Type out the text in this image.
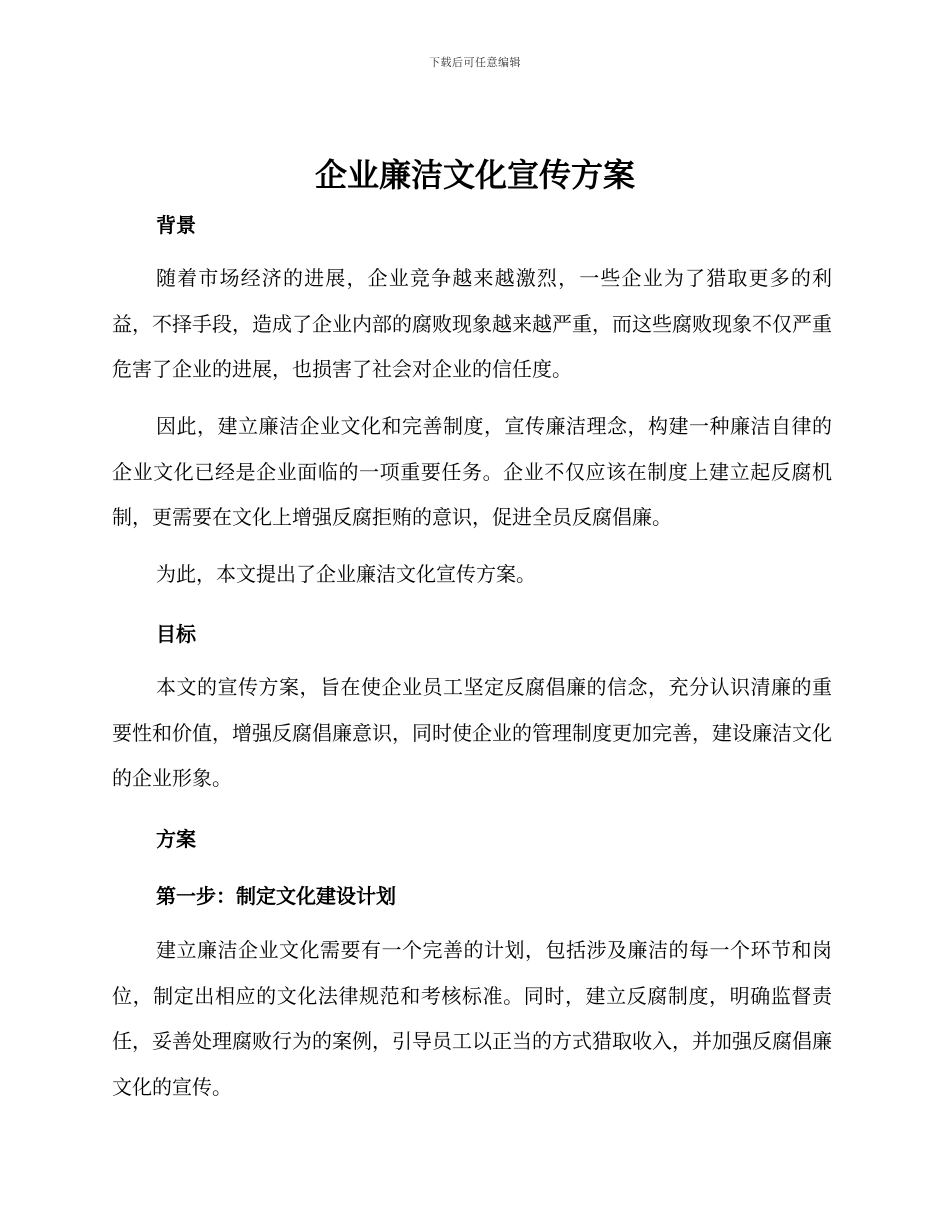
下载后可任意编辑
企业廉洁文化宣传方案
背景
随着市场经济的进展，企业竞争越来越激烈，一些企业为了猎取更多的利益，不择手段，造成了企业内部的腐败现象越来越严重，而这些腐败现象不仅严重危害了企业的进展，也损害了社会对企业的信任度。
因此，建立廉洁企业文化和完善制度，宣传廉洁理念，构建一种廉洁自律的企业文化已经是企业面临的一项重要任务。企业不仅应该在制度上建立起反腐机制，更需要在文化上增强反腐拒贿的意识，促进全员反腐倡廉。
为此，本文提出了企业廉洁文化宣传方案。
目标
本文的宣传方案，旨在使企业员工坚定反腐倡廉的信念，充分认识清廉的重要性和价值，增强反腐倡廉意识，同时使企业的管理制度更加完善，建设廉洁文化的企业形象。
方案
第一步：制定文化建设计划
建立廉洁企业文化需要有一个完善的计划，包括涉及廉洁的每一个环节和岗位，制定出相应的文化法律规范和考核标准。同时，建立反腐制度，明确监督责任，妥善处理腐败行为的案例，引导员工以正当的方式猎取收入，并加强反腐倡廉文化的宣传。
